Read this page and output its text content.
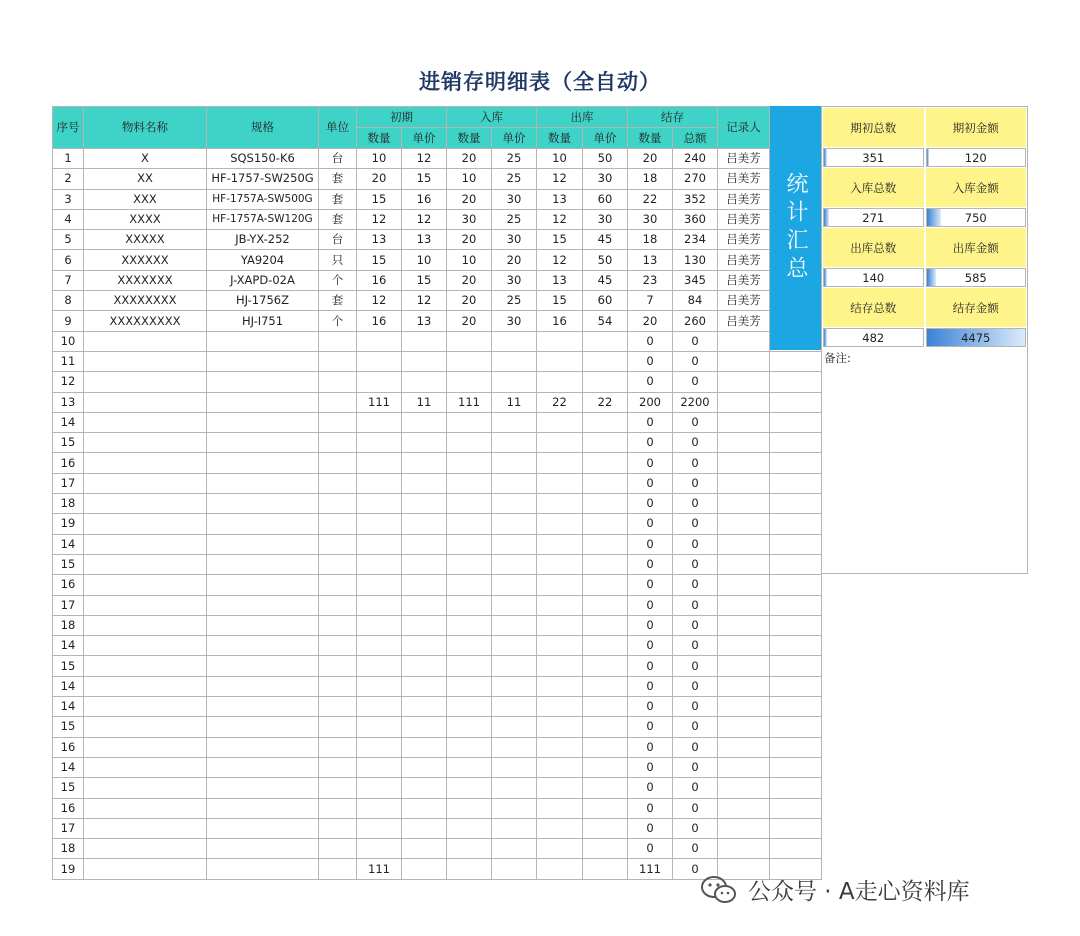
进销存明细表（全自动）
序号	物料名称	规格	单位	初期		入库		出库		结存		记录人	
				数量	单价	数量	单价	数量	单价	数量	总额		
1	X	SQS150-K6	台	10	12	20	25	10	50	20	240	吕美芳	
2	XX	HF-1757-SW250G	套	20	15	10	25	12	30	18	270	吕美芳	
3	XXX	HF-1757A-SW500G	套	15	16	20	30	13	60	22	352	吕美芳	
4	XXXX	HF-1757A-SW120G	套	12	12	30	25	12	30	30	360	吕美芳	
5	XXXXX	JB-YX-252	台	13	13	20	30	15	45	18	234	吕美芳	
6	XXXXXX	YA9204	只	15	10	10	20	12	50	13	130	吕美芳	
7	XXXXXXX	J-XAPD-02A	个	16	15	20	30	13	45	23	345	吕美芳	
8	XXXXXXXX	HJ-1756Z	套	12	12	20	25	15	60	7	84	吕美芳	
9	XXXXXXXXX	HJ-I751	个	16	13	20	30	16	54	20	260	吕美芳	
10										0	0		
11										0	0		
12										0	0		
13				111	11	111	11	22	22	200	2200		
14										0	0		
15										0	0		
16										0	0		
17										0	0		
18										0	0		
19										0	0		
14										0	0		
15										0	0		
16										0	0		
17										0	0		
18										0	0		
14										0	0		
15										0	0		
14										0	0		
14										0	0		
15										0	0		
16										0	0		
14										0	0		
15										0	0		
16										0	0		
17										0	0		
18										0	0		
19				111						111	0		
统计汇总
期初总数	期初金额
351	120
入库总数	入库金额
271	750
出库总数	出库金额
140	585
结存总数	结存金额
482	4475
备注:
公众号 · A走心资料库
